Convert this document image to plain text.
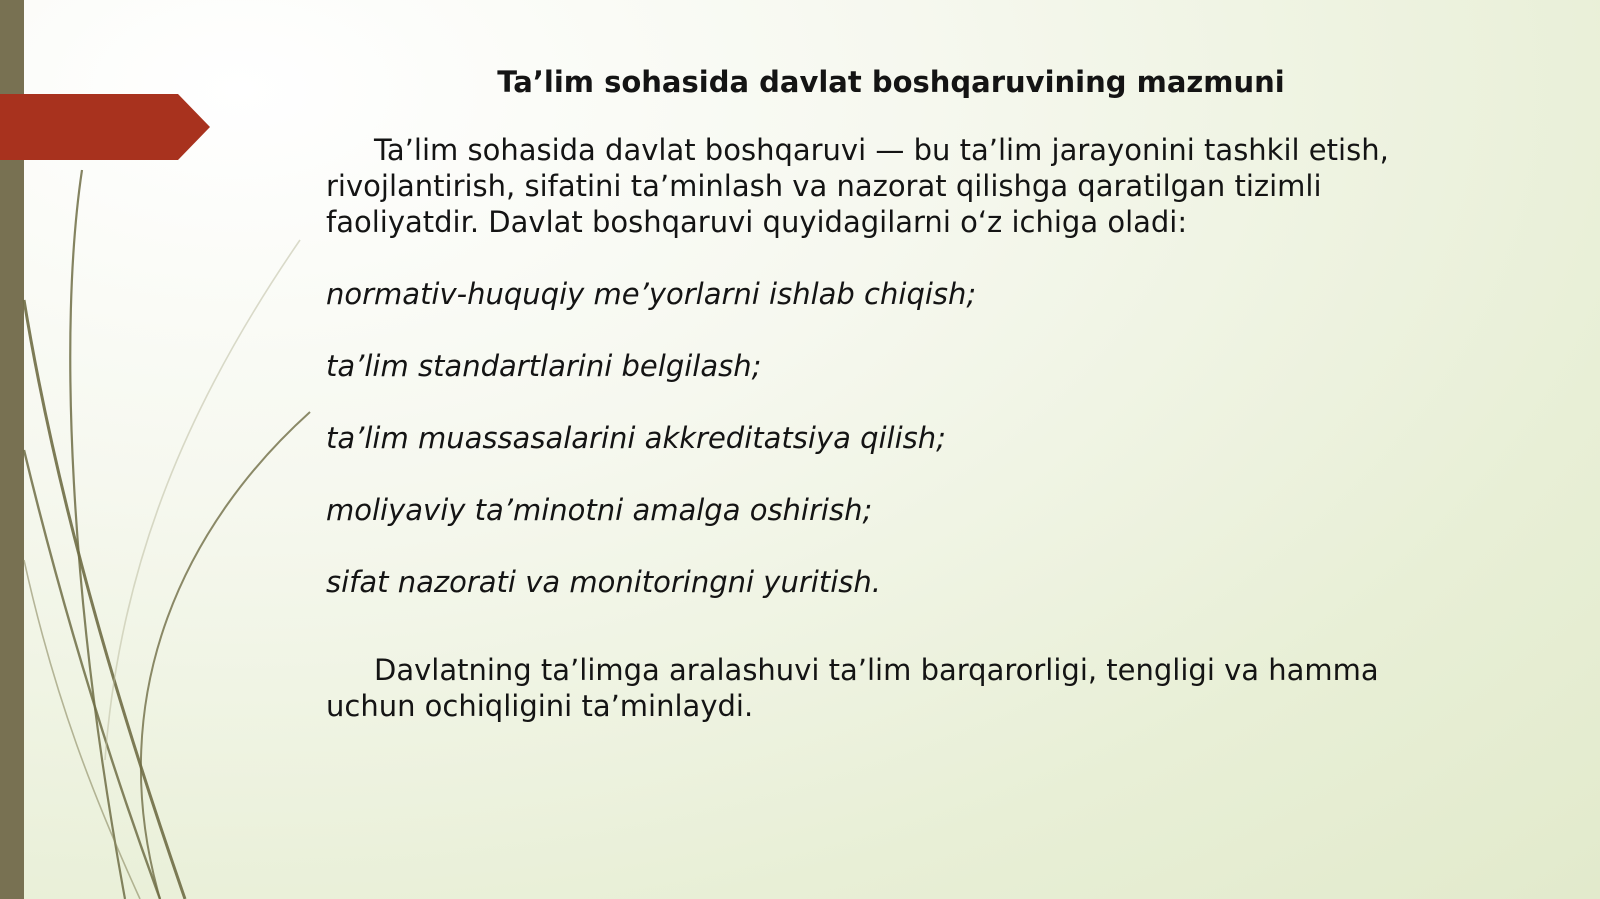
Ta’lim sohasida davlat boshqaruvining mazmuni

Ta’lim sohasida davlat boshqaruvi — bu ta’lim jarayonini tashkil etish, rivojlantirish, sifatini ta’minlash va nazorat qilishga qaratilgan tizimli faoliyatdir. Davlat boshqaruvi quyidagilarni o‘z ichiga oladi:

normativ-huquqiy me’yorlarni ishlab chiqish;
ta’lim standartlarini belgilash;
ta’lim muassasalarini akkreditatsiya qilish;
moliyaviy ta’minotni amalga oshirish;
sifat nazorati va monitoringni yuritish.

Davlatning ta’limga aralashuvi ta’lim barqarorligi, tengligi va hamma uchun ochiqligini ta’minlaydi.
